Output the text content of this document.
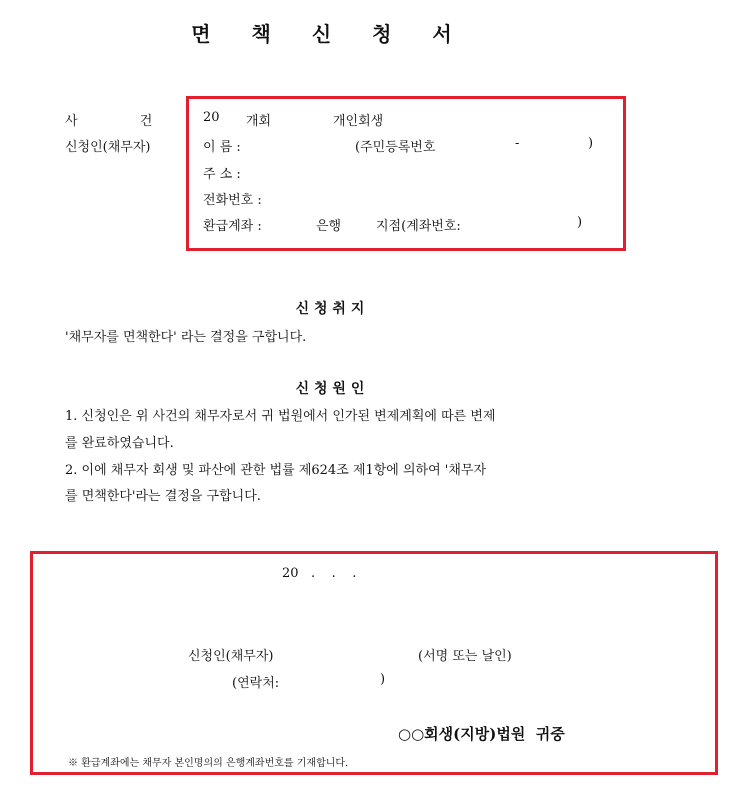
면 책 신 청 서
사	건
신청인(채무자)
20 개회	개인회생
이 름 :	(주민등록번호	-	)
주 소 :
전화번호 :
환급계좌 :	은행	지점(계좌번호:	)
신 청 취 지
'채무자를 면책한다' 라는 결정을 구합니다.
신 청 원 인
1. 신청인은 위 사건의 채무자로서 귀 법원에서 인가된 변제계획에 따른 변제
를 완료하였습니다.
2. 이에 채무자 회생 및 파산에 관한 법률 제624조 제1항에 의하여 '채무자
를 면책한다'라는 결정을 구합니다.
20   .    .    .
신청인(채무자)	(서명 또는 날인)
(연락처:	)
○○회생(지방)법원  귀중
※ 환급계좌에는 채무자 본인명의의 은행계좌번호를 기재합니다.
